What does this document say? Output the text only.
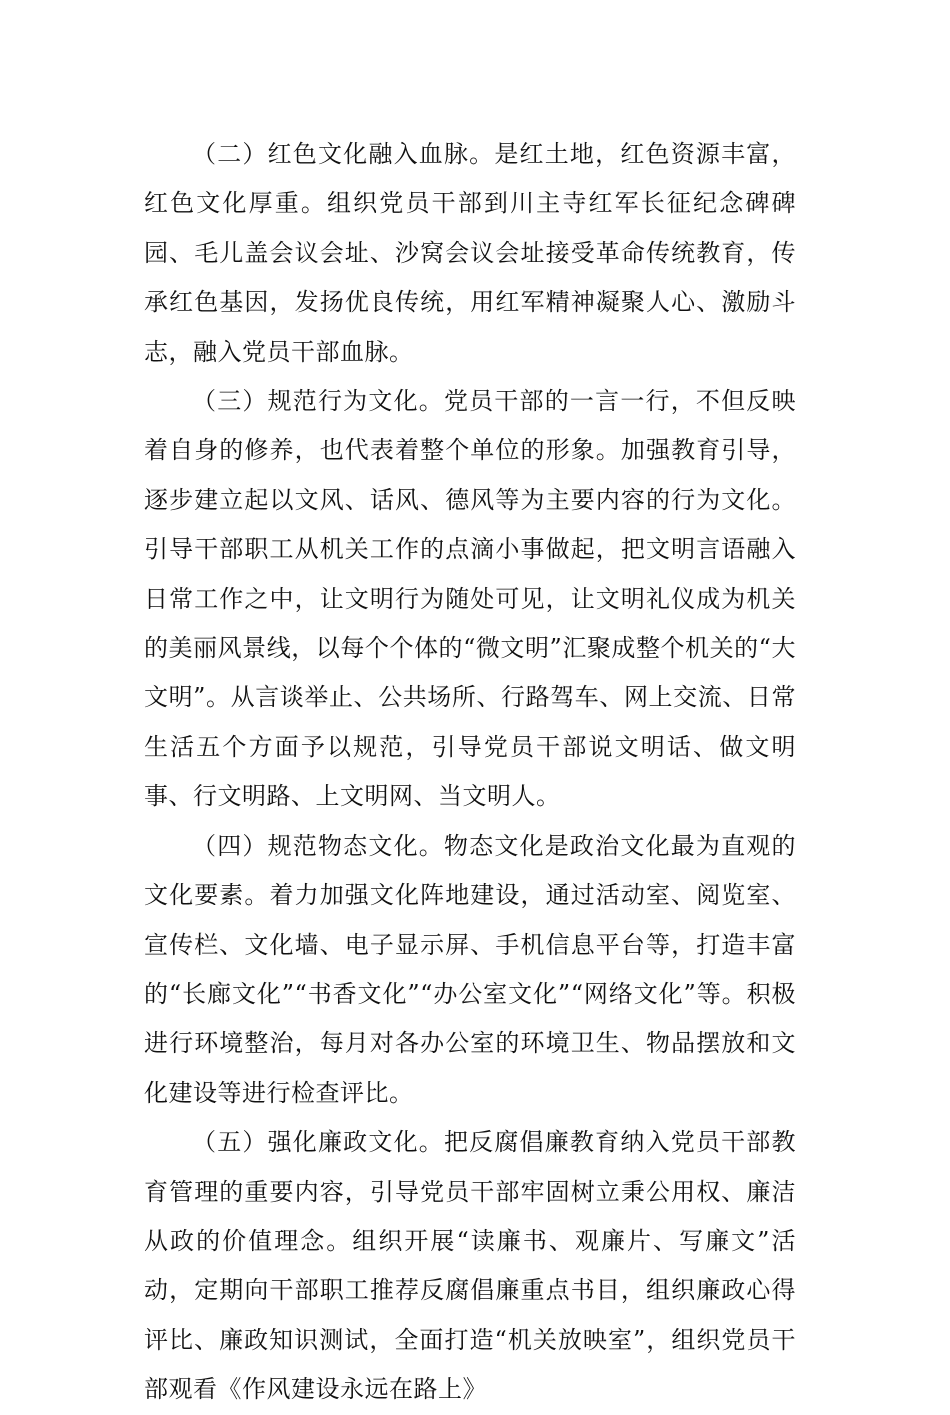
（二）红色文化融入血脉。是红土地，红色资源丰富，红色文化厚重。组织党员干部到川主寺红军长征纪念碑碑园、毛儿盖会议会址、沙窝会议会址接受革命传统教育，传承红色基因，发扬优良传统，用红军精神凝聚人心、激励斗志，融入党员干部血脉。

（三）规范行为文化。党员干部的一言一行，不但反映着自身的修养，也代表着整个单位的形象。加强教育引导，逐步建立起以文风、话风、德风等为主要内容的行为文化。引导干部职工从机关工作的点滴小事做起，把文明言语融入日常工作之中，让文明行为随处可见，让文明礼仪成为机关的美丽风景线，以每个个体的“微文明”汇聚成整个机关的“大文明”。从言谈举止、公共场所、行路驾车、网上交流、日常生活五个方面予以规范，引导党员干部说文明话、做文明事、行文明路、上文明网、当文明人。

（四）规范物态文化。物态文化是政治文化最为直观的文化要素。着力加强文化阵地建设，通过活动室、阅览室、宣传栏、文化墙、电子显示屏、手机信息平台等，打造丰富的“长廊文化”“书香文化”“办公室文化”“网络文化”等。积极进行环境整治，每月对各办公室的环境卫生、物品摆放和文化建设等进行检查评比。

（五）强化廉政文化。把反腐倡廉教育纳入党员干部教育管理的重要内容，引导党员干部牢固树立秉公用权、廉洁从政的价值理念。组织开展“读廉书、观廉片、写廉文”活动，定期向干部职工推荐反腐倡廉重点书目，组织廉政心得评比、廉政知识测试，全面打造“机关放映室”，组织党员干部观看《作风建设永远在路上》
